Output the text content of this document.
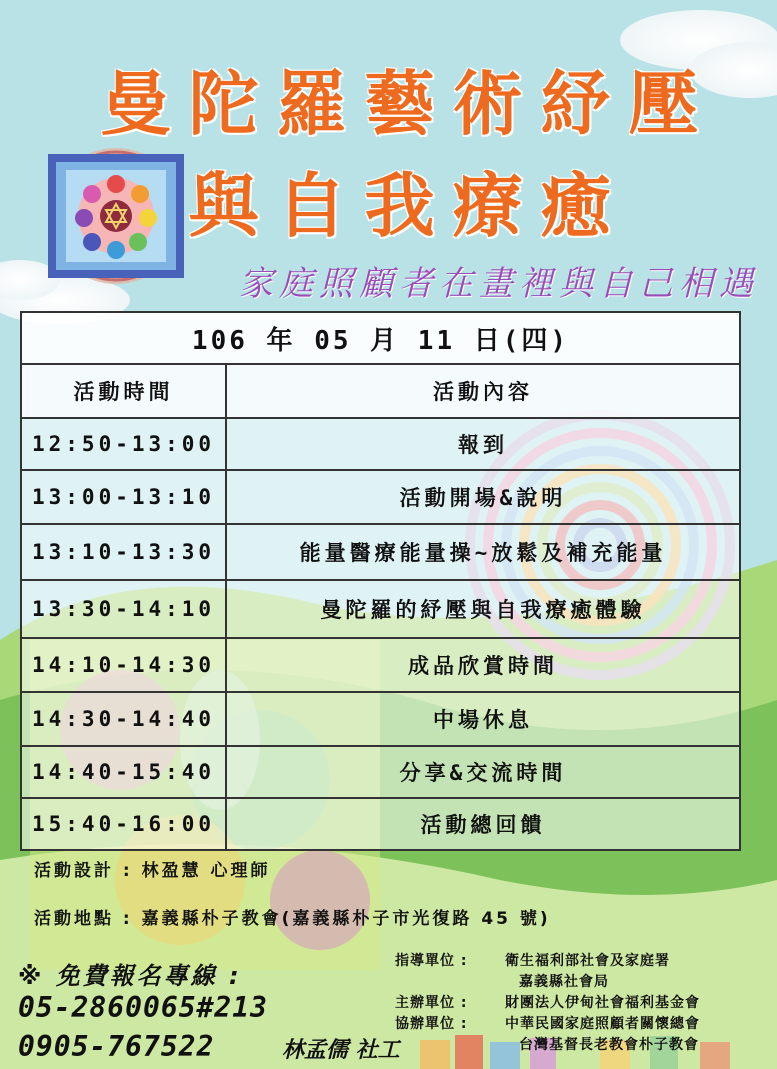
曼陀羅藝術紓壓
與自我療癒
家庭照顧者在畫裡與自己相遇
106 年 05 月 11 日(四)	
活動時間	活動內容
12:50-13:00	報到
13:00-13:10	活動開場&說明
13:10-13:30	能量醫療能量操~放鬆及補充能量
13:30-14:10	曼陀羅的紓壓與自我療癒體驗
14:10-14:30	成品欣賞時間
14:30-14:40	中場休息
14:40-15:40	分享&交流時間
15:40-16:00	活動總回饋
活動設計 : 林盈慧 心理師
活動地點 : 嘉義縣朴子教會(嘉義縣朴子市光復路 45 號)
※ 免費報名專線 :
05-2860065#213
0905-767522	林孟儒 社工
指導單位 :	衛生福利部社會及家庭署
嘉義縣社會局
主辦單位 :	財團法人伊甸社會福利基金會
協辦單位 :	中華民國家庭照顧者關懷總會
台灣基督長老教會朴子教會
